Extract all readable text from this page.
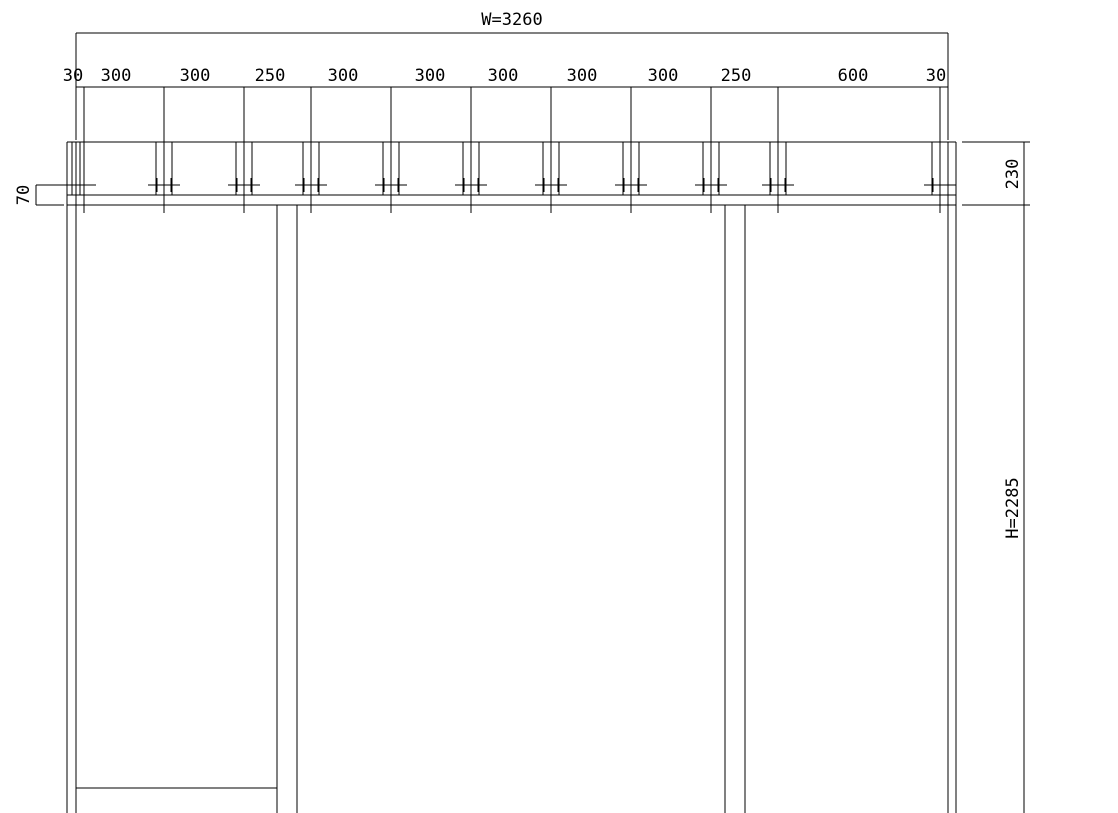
W=3260
30 300	300	250 300	300 300	300	300 250	600	30
230
H=2285
70
